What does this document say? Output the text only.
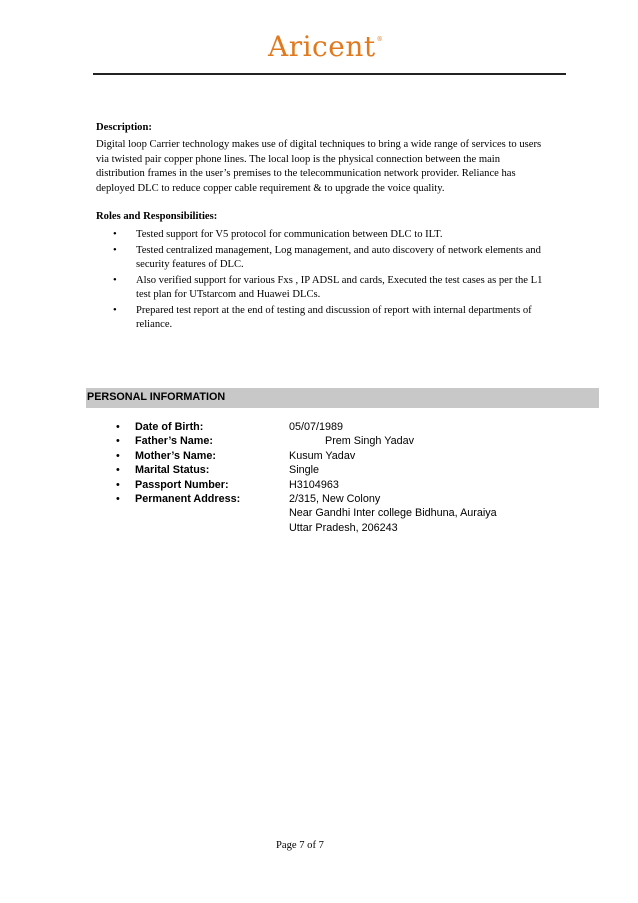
Aricent®
Description:
Digital loop Carrier technology makes use of digital techniques to bring a wide range of services to users via twisted pair copper phone lines. The local loop is the physical connection between the main distribution frames in the user’s premises to the telecommunication network provider. Reliance has deployed DLC to reduce copper cable requirement & to upgrade the voice quality.
Roles and Responsibilities:
• Tested support for V5 protocol for communication between DLC to ILT.
• Tested centralized management, Log management, and auto discovery of network elements and security features of DLC.
• Also verified support for various Fxs , IP ADSL and cards, Executed the test cases as per the L1 test plan for UTstarcom and Huawei DLCs.
• Prepared test report at the end of testing and discussion of report with internal departments of reliance.
PERSONAL INFORMATION
• Date of Birth:	05/07/1989
• Father’s Name:	Prem Singh Yadav
• Mother’s Name:	Kusum Yadav
• Marital Status:	Single
• Passport Number:	H3104963
• Permanent Address:	2/315, New Colony
Near Gandhi Inter college Bidhuna, Auraiya
Uttar Pradesh, 206243
Page 7 of 7
